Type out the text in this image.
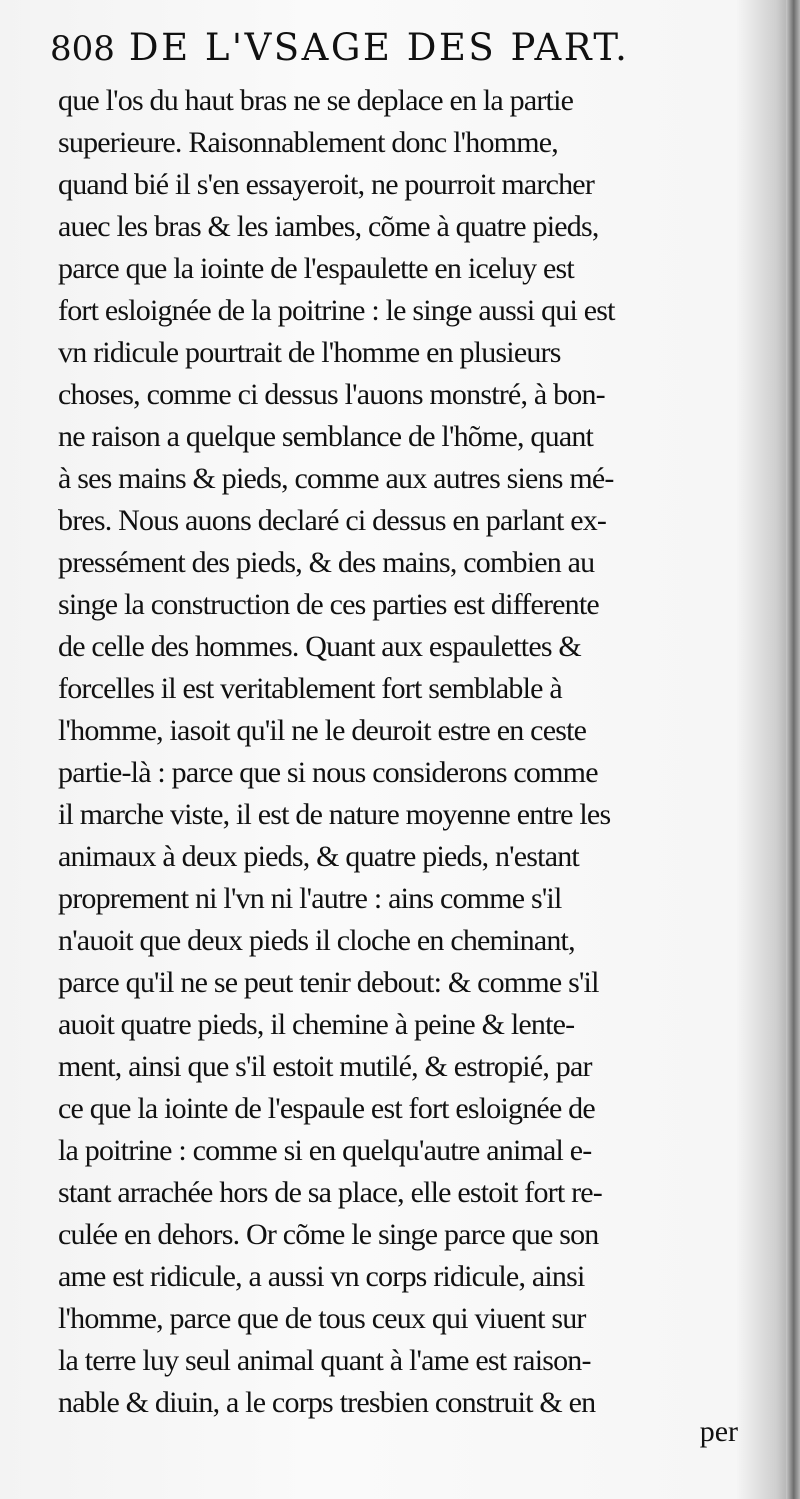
808 DE L'VSAGE DES PART.
que l'os du haut bras ne se deplace en la partie
superieure. Raisonnablement donc l'homme,
quand bié il s'en essayeroit, ne pourroit marcher
auec les bras & les iambes, cõme à quatre pieds,
parce que la iointe de l'espaulette en iceluy est
fort esloignée de la poitrine : le singe aussi qui est
vn ridicule pourtrait de l'homme en plusieurs
choses, comme ci dessus l'auons monstré, à bon-
ne raison a quelque semblance de l'hõme, quant
à ses mains & pieds, comme aux autres siens mé-
bres. Nous auons declaré ci dessus en parlant ex-
pressément des pieds, & des mains, combien au
singe la construction de ces parties est differente
de celle des hommes. Quant aux espaulettes &
forcelles il est veritablement fort semblable à
l'homme, iasoit qu'il ne le deuroit estre en ceste
partie-là : parce que si nous considerons comme
il marche viste, il est de nature moyenne entre les
animaux à deux pieds, & quatre pieds, n'estant
proprement ni l'vn ni l'autre : ains comme s'il
n'auoit que deux pieds il cloche en cheminant,
parce qu'il ne se peut tenir debout: & comme s'il
auoit quatre pieds, il chemine à peine & lente-
ment, ainsi que s'il estoit mutilé, & estropié, par
ce que la iointe de l'espaule est fort esloignée de
la poitrine : comme si en quelqu'autre animal e-
stant arrachée hors de sa place, elle estoit fort re-
culée en dehors. Or cõme le singe parce que son
ame est ridicule, a aussi vn corps ridicule, ainsi
l'homme, parce que de tous ceux qui viuent sur
la terre luy seul animal quant à l'ame est raison-
nable & diuin, a le corps tresbien construit & en
per
